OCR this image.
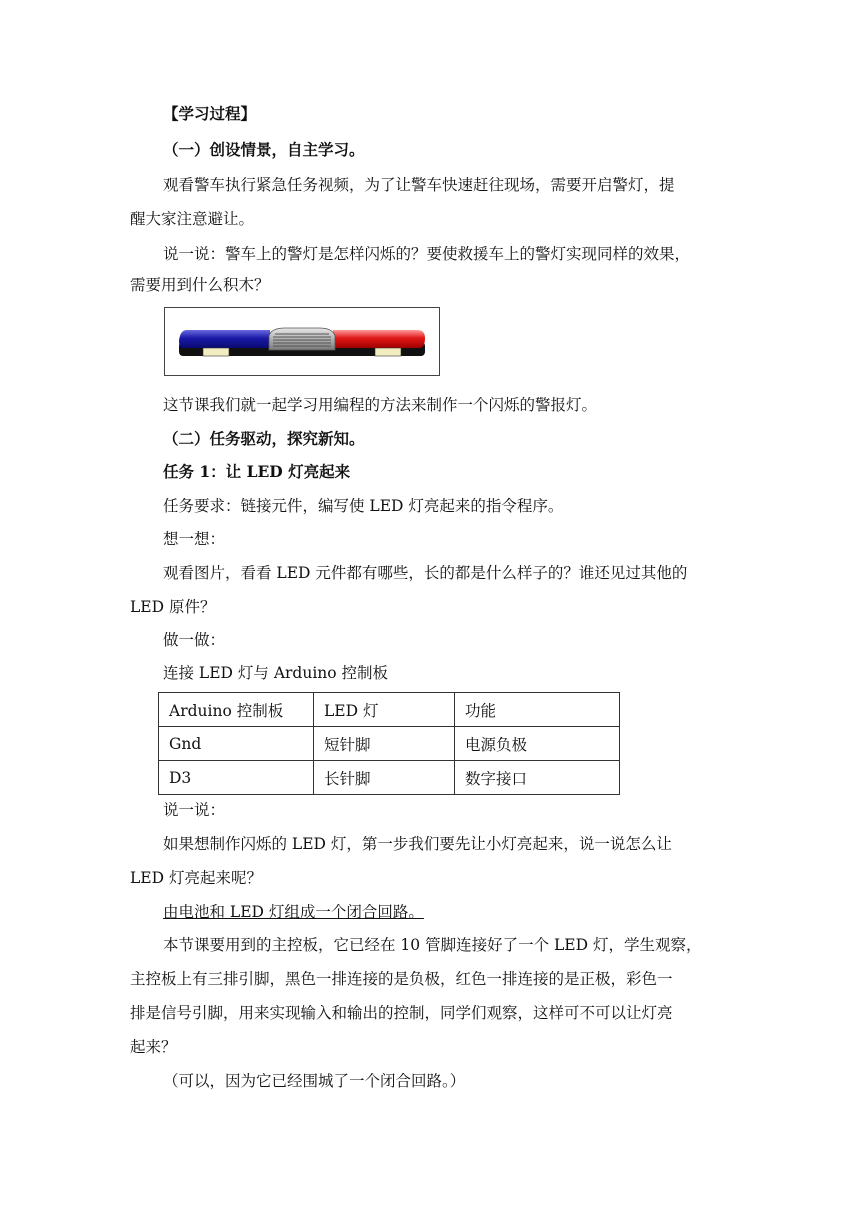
【学习过程】
（一）创设情景，自主学习。
观看警车执行紧急任务视频，为了让警车快速赶往现场，需要开启警灯，提
醒大家注意避让。
说一说：警车上的警灯是怎样闪烁的？要使救援车上的警灯实现同样的效果，
需要用到什么积木？
这节课我们就一起学习用编程的方法来制作一个闪烁的警报灯。
（二）任务驱动，探究新知。
任务 1：让 LED 灯亮起来
任务要求：链接元件，编写使 LED 灯亮起来的指令程序。
想一想：
观看图片，看看 LED 元件都有哪些，长的都是什么样子的？谁还见过其他的
LED 原件？
做一做：
连接 LED 灯与 Arduino 控制板
Arduino 控制板	LED 灯	功能
Gnd	短针脚	电源负极
D3	长针脚	数字接口
说一说：
如果想制作闪烁的 LED 灯，第一步我们要先让小灯亮起来，说一说怎么让
LED 灯亮起来呢？
由电池和 LED 灯组成一个闭合回路。
本节课要用到的主控板，它已经在 10 管脚连接好了一个 LED 灯，学生观察，
主控板上有三排引脚，黑色一排连接的是负极，红色一排连接的是正极，彩色一
排是信号引脚，用来实现输入和输出的控制，同学们观察，这样可不可以让灯亮
起来？
（可以，因为它已经围城了一个闭合回路。）
